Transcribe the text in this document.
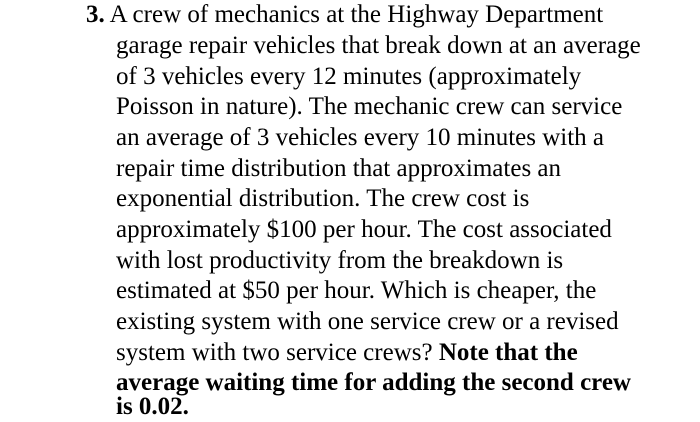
3. A crew of mechanics at the Highway Department
garage repair vehicles that break down at an average
of 3 vehicles every 12 minutes (approximately
Poisson in nature). The mechanic crew can service
an average of 3 vehicles every 10 minutes with a
repair time distribution that approximates an
exponential distribution. The crew cost is
approximately $100 per hour. The cost associated
with lost productivity from the breakdown is
estimated at $50 per hour. Which is cheaper, the
existing system with one service crew or a revised
system with two service crews? Note that the
average waiting time for adding the second crew
is 0.02.
